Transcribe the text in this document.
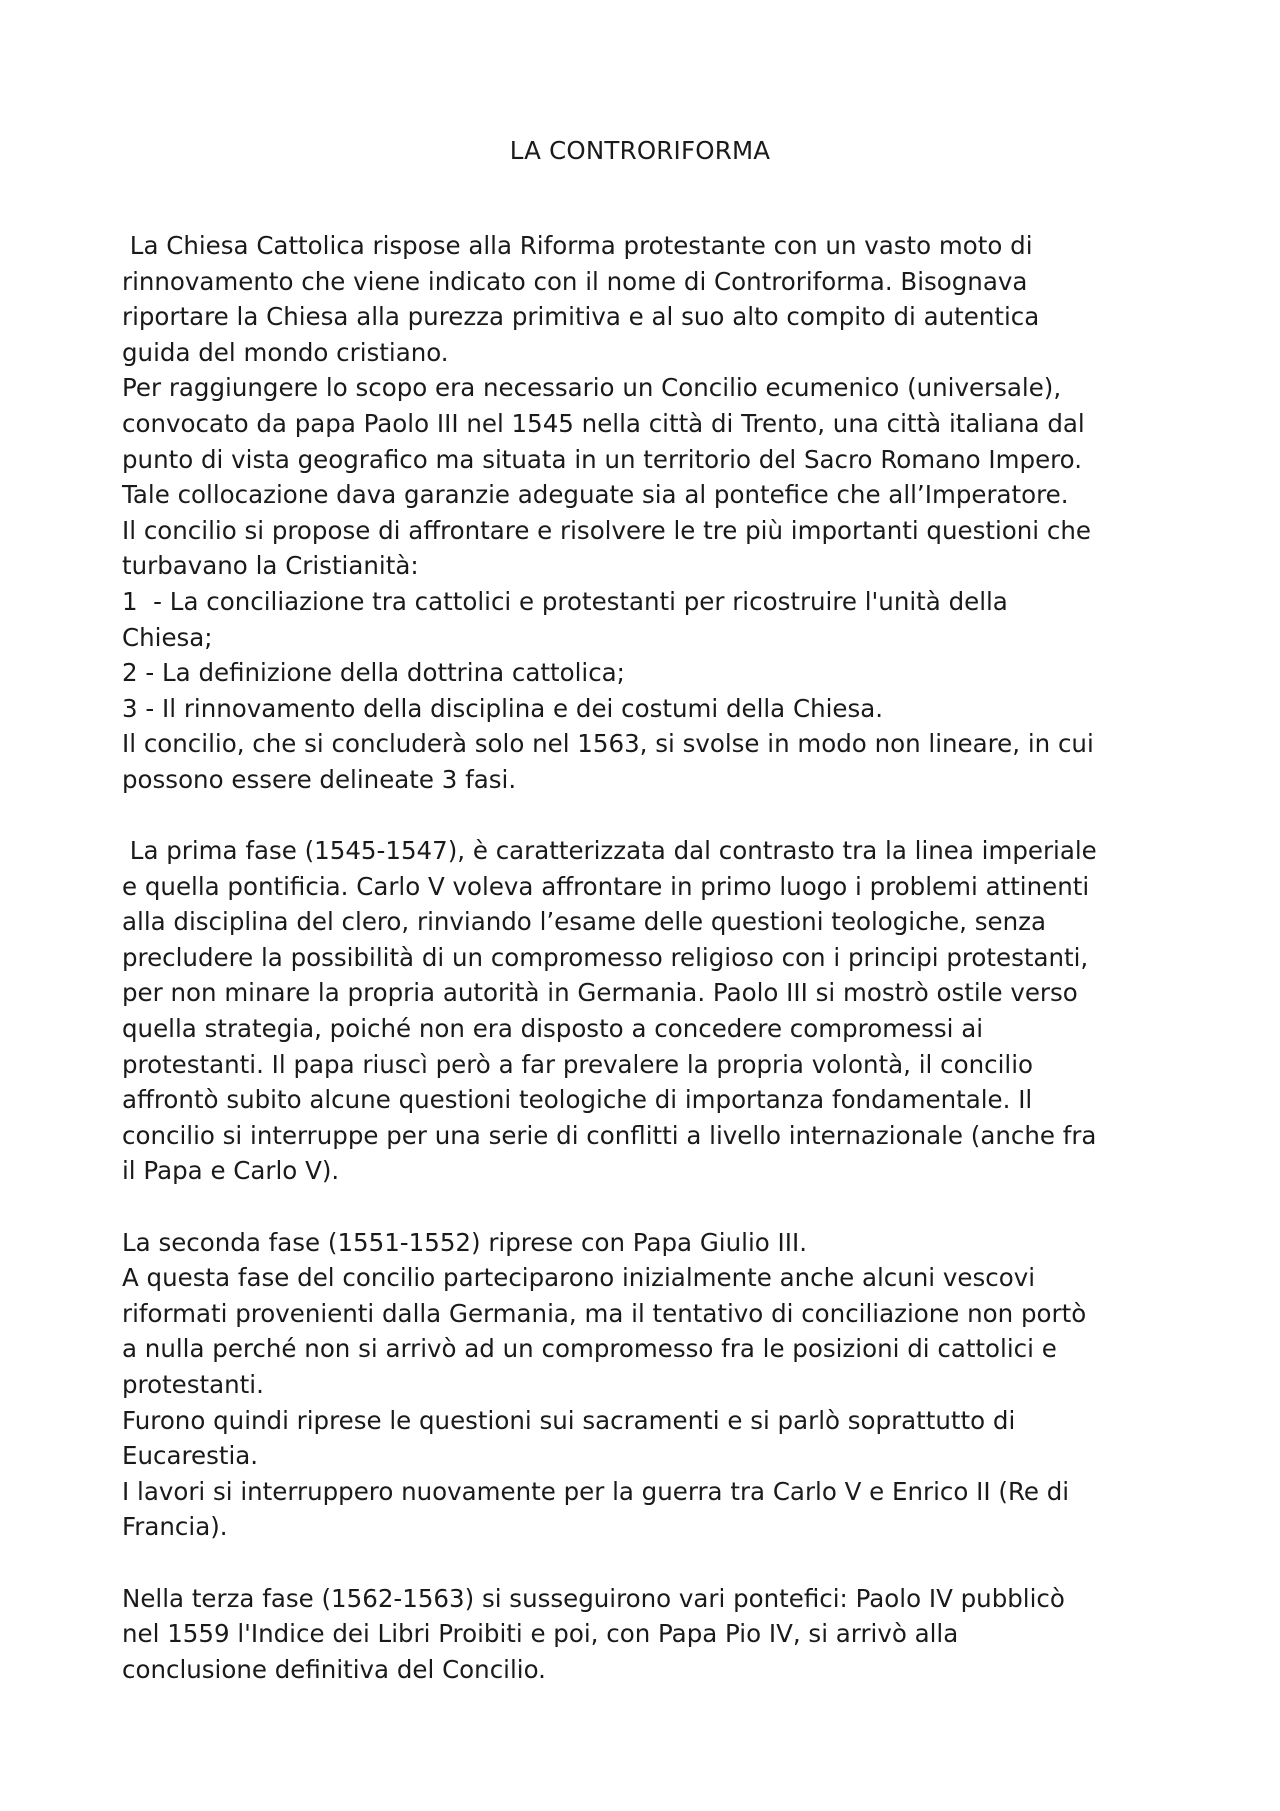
LA CONTRORIFORMA
La Chiesa Cattolica rispose alla Riforma protestante con un vasto moto di
rinnovamento che viene indicato con il nome di Controriforma. Bisognava
riportare la Chiesa alla purezza primitiva e al suo alto compito di autentica
guida del mondo cristiano.
Per raggiungere lo scopo era necessario un Concilio ecumenico (universale),
convocato da papa Paolo III nel 1545 nella città di Trento, una città italiana dal
punto di vista geografico ma situata in un territorio del Sacro Romano Impero.
Tale collocazione dava garanzie adeguate sia al pontefice che all’Imperatore.
Il concilio si propose di affrontare e risolvere le tre più importanti questioni che
turbavano la Cristianità:
1  - La conciliazione tra cattolici e protestanti per ricostruire l'unità della
Chiesa;
2 - La definizione della dottrina cattolica;
3 - Il rinnovamento della disciplina e dei costumi della Chiesa.
Il concilio, che si concluderà solo nel 1563, si svolse in modo non lineare, in cui
possono essere delineate 3 fasi.
La prima fase (1545-1547), è caratterizzata dal contrasto tra la linea imperiale
e quella pontificia. Carlo V voleva affrontare in primo luogo i problemi attinenti
alla disciplina del clero, rinviando l’esame delle questioni teologiche, senza
precludere la possibilità di un compromesso religioso con i principi protestanti,
per non minare la propria autorità in Germania. Paolo III si mostrò ostile verso
quella strategia, poiché non era disposto a concedere compromessi ai
protestanti. Il papa riuscì però a far prevalere la propria volontà, il concilio
affrontò subito alcune questioni teologiche di importanza fondamentale. Il
concilio si interruppe per una serie di conflitti a livello internazionale (anche fra
il Papa e Carlo V).
La seconda fase (1551-1552) riprese con Papa Giulio III.
A questa fase del concilio parteciparono inizialmente anche alcuni vescovi
riformati provenienti dalla Germania, ma il tentativo di conciliazione non portò
a nulla perché non si arrivò ad un compromesso fra le posizioni di cattolici e
protestanti.
Furono quindi riprese le questioni sui sacramenti e si parlò soprattutto di
Eucarestia.
I lavori si interruppero nuovamente per la guerra tra Carlo V e Enrico II (Re di
Francia).
Nella terza fase (1562-1563) si susseguirono vari pontefici: Paolo IV pubblicò
nel 1559 l'Indice dei Libri Proibiti e poi, con Papa Pio IV, si arrivò alla
conclusione definitiva del Concilio.
